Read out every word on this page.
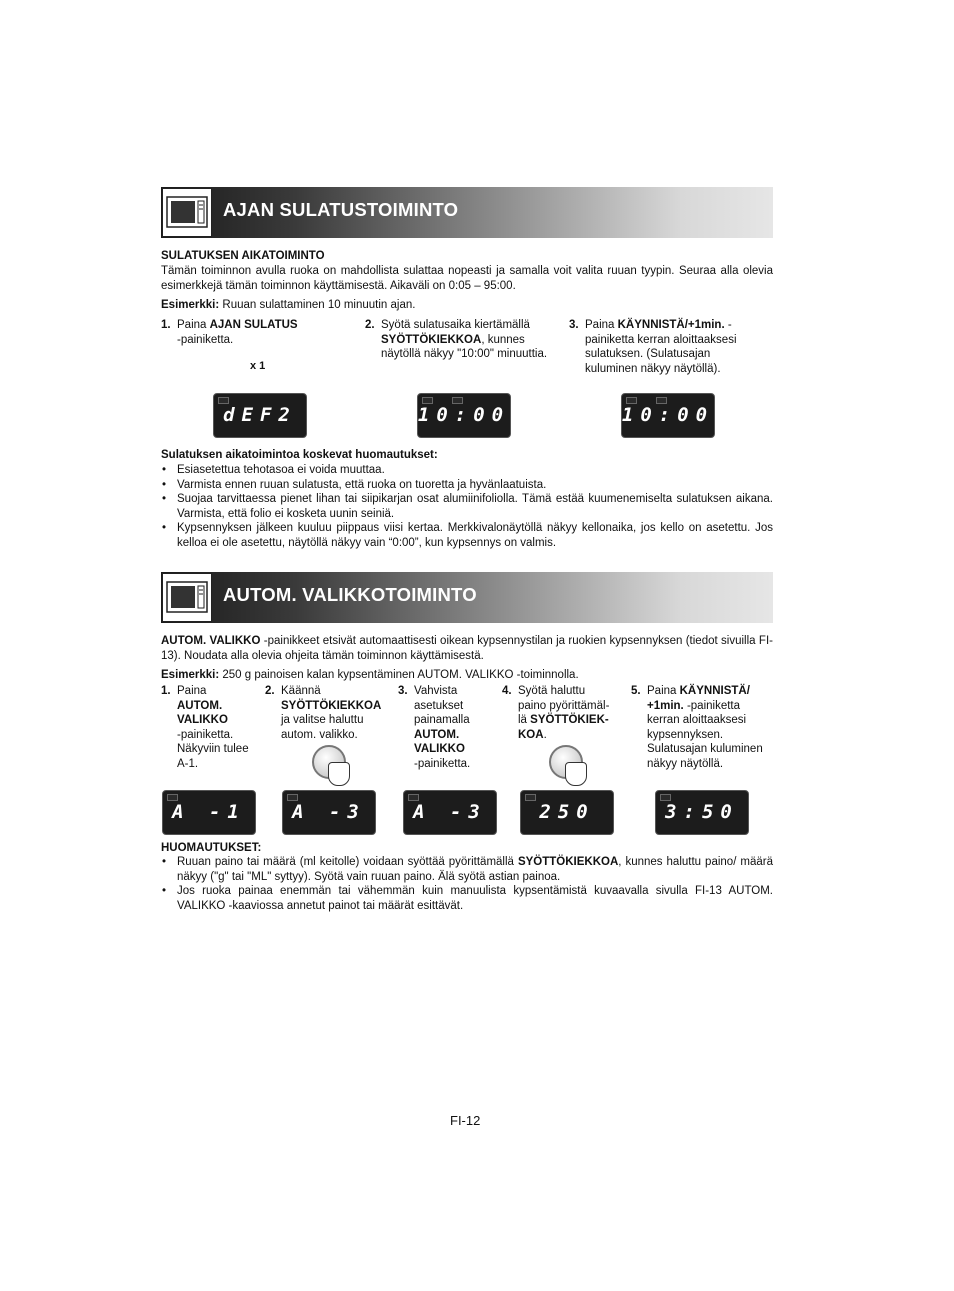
AJAN SULATUSTOIMINTO

SULATUKSEN AIKATOIMINTO

Tämän toiminnon avulla ruoka on mahdollista sulattaa nopeasti ja samalla voit valita ruuan tyypin. Seuraa alla olevia esimerkkejä tämän toiminnon käyttämisestä. Aikaväli on 0:05 – 95:00.

Esimerkki: Ruuan sulattaminen 10 minuutin ajan.

1. Paina AJAN SULATUS
-painiketta.
x 1
2. Syötä sulatusaika kiertämällä SYÖTTÖKIEKKOA, kunnes näytöllä näkyy "10:00" minuuttia.
3. Paina KÄYNNISTÄ/+1min. -painiketta kerran aloittaaksesi sulatuksen. (Sulatusajan kuluminen näkyy näytöllä).
dEF2	10:00	10:00

Sulatuksen aikatoimintoa koskevat huomautukset:

• Esiasetettua tehotasoa ei voida muuttaa.
• Varmista ennen ruuan sulatusta, että ruoka on tuoretta ja hyvänlaatuista.
• Suojaa tarvittaessa pienet lihan tai siipikarjan osat alumiinifoliolla. Tämä estää kuumenemiselta sulatuksen aikana. Varmista, että folio ei kosketa uunin seiniä.
• Kypsennyksen jälkeen kuuluu piippaus viisi kertaa. Merkkivalonäytöllä näkyy kellonaika, jos kello on asetettu. Jos kelloa ei ole asetettu, näytöllä näkyy vain “0:00”, kun kypsennys on valmis.
AUTOM. VALIKKOTOIMINTO

AUTOM. VALIKKO -painikkeet etsivät automaattisesti oikean kypsennystilan ja ruokien kypsennyksen (tiedot sivuilla FI-13). Noudata alla olevia ohjeita tämän toiminnon käyttämisestä.

Esimerkki: 250 g painoisen kalan kypsentäminen AUTOM. VALIKKO -toiminnolla.

1. Paina
AUTOM.
VALIKKO
-painiketta.
Näkyviin tulee
A-1.
2. Käännä
SYÖTTÖKIEKKOA
ja valitse haluttu
autom. valikko.
3. Vahvista
asetukset
painamalla
AUTOM.
VALIKKO
-painiketta.
4. Syötä haluttu
paino pyörittämäl-
lä SYÖTTÖKIEK-
KOA.
5. Paina KÄYNNISTÄ/
+1min. -painiketta
kerran aloittaaksesi
kypsennyksen.
Sulatusajan kuluminen
näkyy näytöllä.
A -1	A -3	A -3	250	3:50

HUOMAUTUKSET:

• Ruuan paino tai määrä (ml keitolle) voidaan syöttää pyörittämällä SYÖTTÖKIEKKOA, kunnes haluttu paino/ määrä näkyy ("g" tai "ML" syttyy). Syötä vain ruuan paino. Älä syötä astian painoa.
• Jos ruoka painaa enemmän tai vähemmän kuin manuulista kypsentämistä kuvaavalla sivulla FI-13 AUTOM. VALIKKO -kaaviossa annetut painot tai määrät esittävät.

FI-12
